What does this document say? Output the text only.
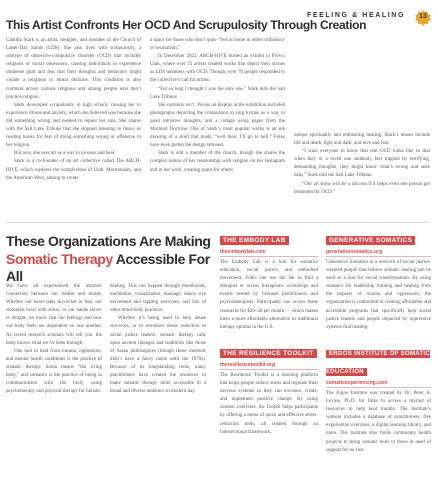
FEELING & HEALING	13
This Artist Confronts Her OCD And Scrupulosity Through Creation

Camilla Stark is an artist, designer, and member of the Church of Latter-Day Saints (LDS). She also lives with scrupulosity, a subtype of obsessive-compulsive disorder (OCD) that includes religious or moral obsessions, causing individuals to experience immense guilt and fear that their thoughts and behaviors might violate a religious or moral doctrine. This condition is also common across various religious and among people who don’t practice religion.

Stark developed scrupulosity in high school, causing her to experience illness and anxiety, which she believed was because she did something wrong and needed to repent her sins. She shares with the Salt Lake Tribune that she stopped listening to music or reading books for fear of doing something wrong or offensive to her religion.

But now, she uses art as a way to process and heal.

Stark is a co-founder of an art collective called The ARCH-HIVE, which explores the complexities of Utah, Mormonism, and the American West, aiming to create

a space for those who don’t quite “feel at home in either orthodoxy or secularism.”

In December 2022, ARCH-HIVE hosted an exhibit in Provo, Utah, where over 25 artists created works that depict their stories as LDS members with OCD. Though, over 70 people responded to the collective’s call for artists.

“For so long I thought I was the only one,” Stark tells the Salt Lake Tribune.

She certainly isn’t. Pieces on display at the exhibition included photographs depicting the compulsion to sing hymns as a way to quiet intrusive thoughts, and a collage using pages from the Mormon Doctrine. One of Stark’s most popular works is an ink drawing of a skull that reads, “well then, I’ll go to hell.” Folks have even gotten the design tattooed.

Stark is still a member of the church, though she shares the complex nature of her relationship with religion on her Instagram and in her work, creating space for others

unique spirituality and embracing healing. Stark’s muses include life and death, light and dark, and love and fear.

“I want everyone to know that real OCD looks like so that when they or a loved one suddenly feel trapped by terrifying, demanding thoughts, they might know what’s wrong and seek help,” Stark told the Salt Lake Tribune.

“Our art show will be a success if it helps even one person get treatment for OCD.”

These Organizations Are Making
Somatic Therapy Accessible For All

We have all experienced the intrinsic connection between our bodies and minds. Whether our heart rates skyrocket in fear, our stomachs twist with stress, or our hands shiver in delight, we know that our feelings and how our body feels are dependent on one another. As recent research scholars will tell you, the body knows what we’ve been through.

One tool to heal from trauma, oppression, and mental health conditions is the practice of somatic therapy. Soma means “the living body,” and somatics is the practice of being in communication with the body, using psychotherapy and physical therapy for holistic

healing. This can happen through breathwork, meditation, visualization, massage, dance, eye movement and tapping exercises, and lots of other mind-body practices.

Whether it’s being used to help abuse survivors, or to introduce stress reduction to social justice leaders, somatic therapy calls upon ancient lineages and traditions like those of Asian philosophies (though these methods didn’t have a fancy name until the 1970s). Because of its longstanding roots, many practitioners have created the resources to make somatic therapy more accessible to a broad and diverse audience in modern day.

THE EMBODY LAB
theembodylab.com
The Embody Lab is a hub for somatics education, social justice, and embodied movement. Folks can use the lab to find a therapist or access therapeutic workshops and events hosted by licensed practitioners and psychotherapists. Participants can access these resources for $20–28 per month — which makes them a more affordable alternative to traditional therapy options in the U.S.
THE RESILIENCE TOOLKIT
theresiliencetoolkit.org
The Resilience Toolkit is a learning platform that helps people reduce stress and regulate their nervous systems so they can envision, create, and implement positive change. By using somatic exercises, the Toolkit helps participants by offering a menu of quick and effective stress-reduction tools, all created through an intersectional framework.
GENERATIVE SOMATICS
generativesomatics.org
Generative Somatics is a network of social justice-oriented people that believe somatic healing can be used as a tool for social transformation. By using somatics for leadership training and healing from the impacts of trauma and oppression, the organization is committed to creating affordable and accessible programs that specifically help social justice leaders and people impacted by oppressive systems find healing.
ERGOS INSTITUTE OF SOMATIC EDUCATION
somaticexperiencing.com
The Ergos Institute was created by Dr. Peter A. Levine, Ph.D. for folks to access a myriad of resources to help heal trauma. The Institute’s website includes a database of practitioners, free experiential exercises, a digital learning library, and more. The Institute also funds community health projects to bring somatic tools to those in need of support for no cost.
